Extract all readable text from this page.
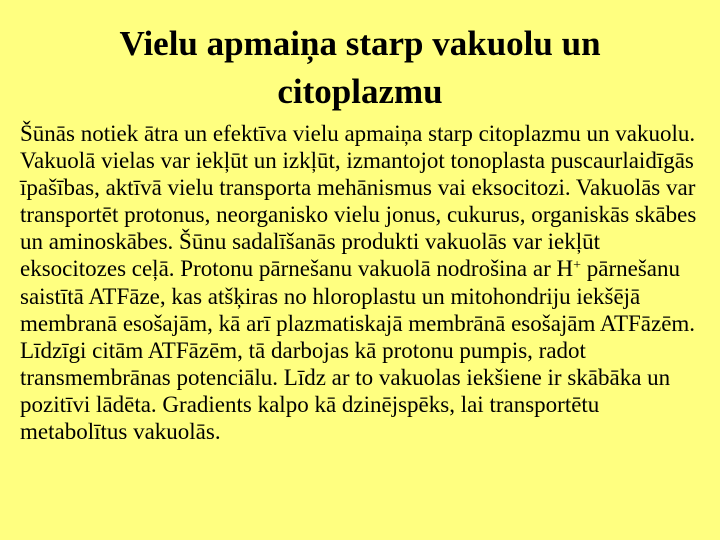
Vielu apmaiņa starp vakuolu un
citoplazmu

Šūnās notiek ātra un efektīva vielu apmaiņa starp citoplazmu un vakuolu. Vakuolā vielas var iekļūt un izkļūt, izmantojot tonoplasta puscaurlaidīgās īpašības, aktīvā vielu transporta mehānismus vai eksocitozi. Vakuolās var transportēt protonus, neorganisko vielu jonus, cukurus, organiskās skābes un aminoskābes. Šūnu sadalīšanās produkti vakuolās var iekļūt eksocitozes ceļā. Protonu pārnešanu vakuolā nodrošina ar H+ pārnešanu saistītā ATFāze, kas atšķiras no hloroplastu un mitohondriju iekšējā membranā esošajām, kā arī plazmatiskajā membrānā esošajām ATFāzēm. Līdzīgi citām ATFāzēm, tā darbojas kā protonu pumpis, radot transmembrānas potenciālu. Līdz ar to vakuolas iekšiene ir skābāka un pozitīvi lādēta. Gradients kalpo kā dzinējspēks, lai transportētu metabolītus vakuolās.
